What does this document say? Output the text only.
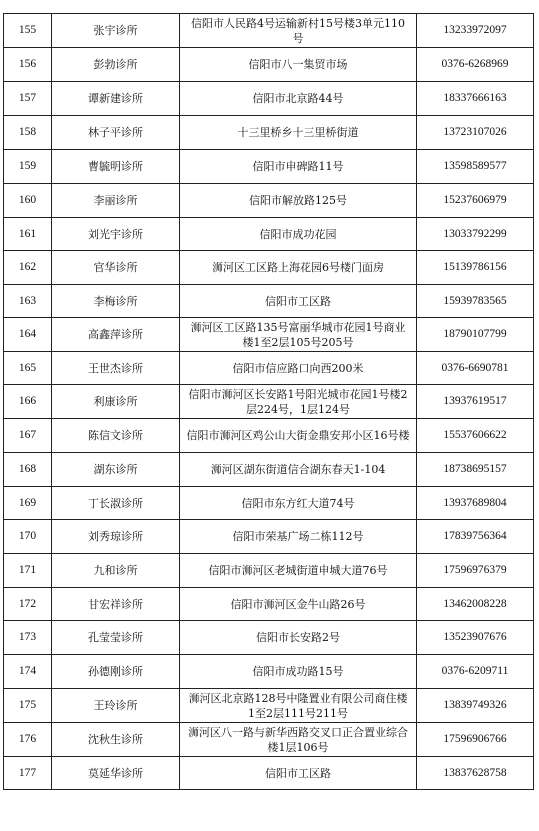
155	张宇诊所	信阳市人民路4号运输新村15号楼3单元110号	13233972097
156	彭勃诊所	信阳市八一集贸市场	0376-6268969
157	谭新建诊所	信阳市北京路44号	18337666163
158	林子平诊所	十三里桥乡十三里桥街道	13723107026
159	曹毓明诊所	信阳市申碑路11号	13598589577
160	李丽诊所	信阳市解放路125号	15237606979
161	刘光宇诊所	信阳市成功花园	13033792299
162	官华诊所	浉河区工区路上海花园6号楼门面房	15139786156
163	李梅诊所	信阳市工区路	15939783565
164	高鑫萍诊所	浉河区工区路135号富丽华城市花园1号商业楼1至2层105号205号	18790107799
165	王世杰诊所	信阳市信应路口向西200米	0376-6690781
166	利康诊所	信阳市浉河区长安路1号阳光城市花园1号楼2层224号，1层124号	13937619517
167	陈信文诊所	信阳市浉河区鸡公山大街金鼎安邦小区16号楼	15537606622
168	湖东诊所	浉河区湖东街道信合湖东春天1-104	18738695157
169	丁长淑诊所	信阳市东方红大道74号	13937689804
170	刘秀琼诊所	信阳市荣基广场二栋112号	17839756364
171	九和诊所	信阳市浉河区老城街道申城大道76号	17596976379
172	甘宏祥诊所	信阳市浉河区金牛山路26号	13462008228
173	孔莹莹诊所	信阳市长安路2号	13523907676
174	孙德刚诊所	信阳市成功路15号	0376-6209711
175	王玲诊所	浉河区北京路128号中隆置业有限公司商住楼1至2层111号211号	13839749326
176	沈秋生诊所	浉河区八一路与新华西路交叉口正合置业综合楼1层106号	17596906766
177	莫延华诊所	信阳市工区路	13837628758
